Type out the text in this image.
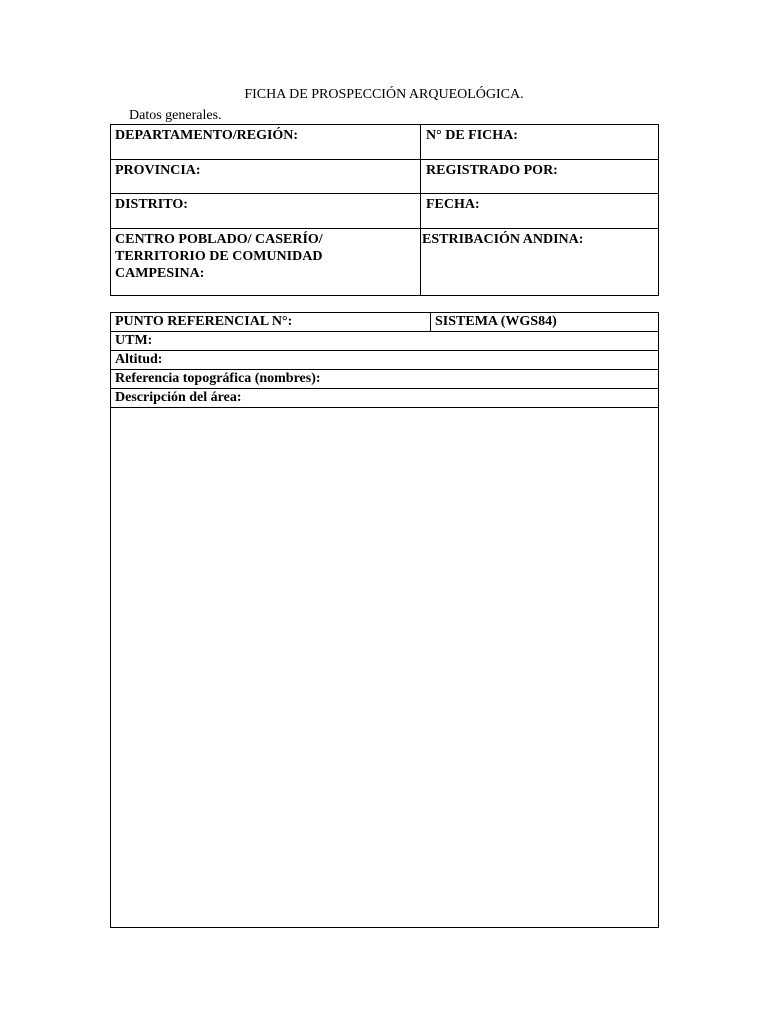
FICHA DE PROSPECCIÓN ARQUEOLÓGICA.
Datos generales.
DEPARTAMENTO/REGIÓN:	N° DE FICHA:

PROVINCIA:	REGISTRADO POR:

DISTRITO:	FECHA:

CENTRO POBLADO/ CASERÍO/
TERRITORIO DE COMUNIDAD
CAMPESINA:	ESTRIBACIÓN ANDINA:
PUNTO REFERENCIAL N°:	SISTEMA (WGS84)

UTM:

Altitud:

Referencia topográfica (nombres):

Descripción del área:
